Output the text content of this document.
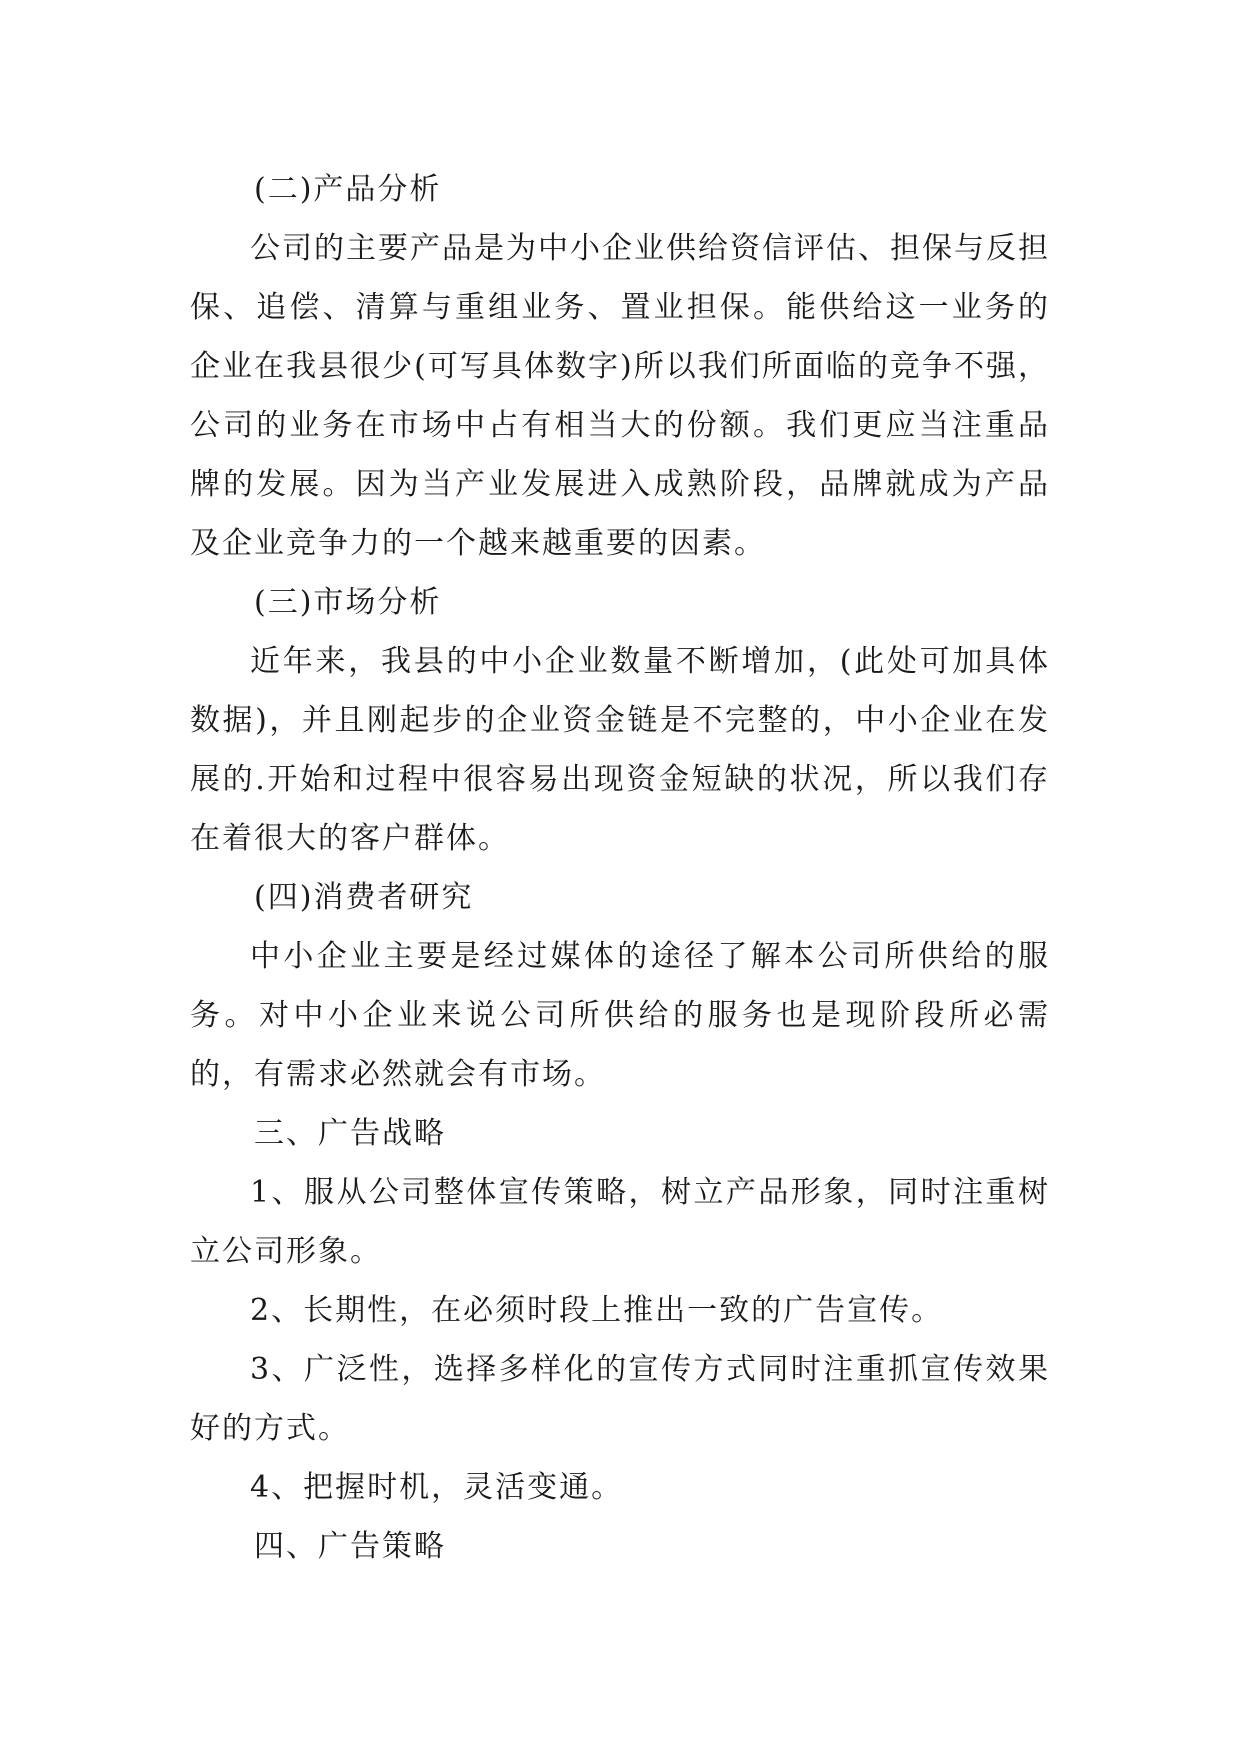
(二)产品分析

公司的主要产品是为中小企业供给资信评估、担保与反担保、追偿、清算与重组业务、置业担保。能供给这一业务的企业在我县很少(可写具体数字)所以我们所面临的竞争不强，公司的业务在市场中占有相当大的份额。我们更应当注重品牌的发展。因为当产业发展进入成熟阶段，品牌就成为产品及企业竞争力的一个越来越重要的因素。

(三)市场分析

近年来，我县的中小企业数量不断增加，(此处可加具体数据)，并且刚起步的企业资金链是不完整的，中小企业在发展的.开始和过程中很容易出现资金短缺的状况，所以我们存在着很大的客户群体。

(四)消费者研究

中小企业主要是经过媒体的途径了解本公司所供给的服务。对中小企业来说公司所供给的服务也是现阶段所必需的，有需求必然就会有市场。

三、广告战略

1、服从公司整体宣传策略，树立产品形象，同时注重树立公司形象。

2、长期性，在必须时段上推出一致的广告宣传。

3、广泛性，选择多样化的宣传方式同时注重抓宣传效果好的方式。

4、把握时机，灵活变通。

四、广告策略
